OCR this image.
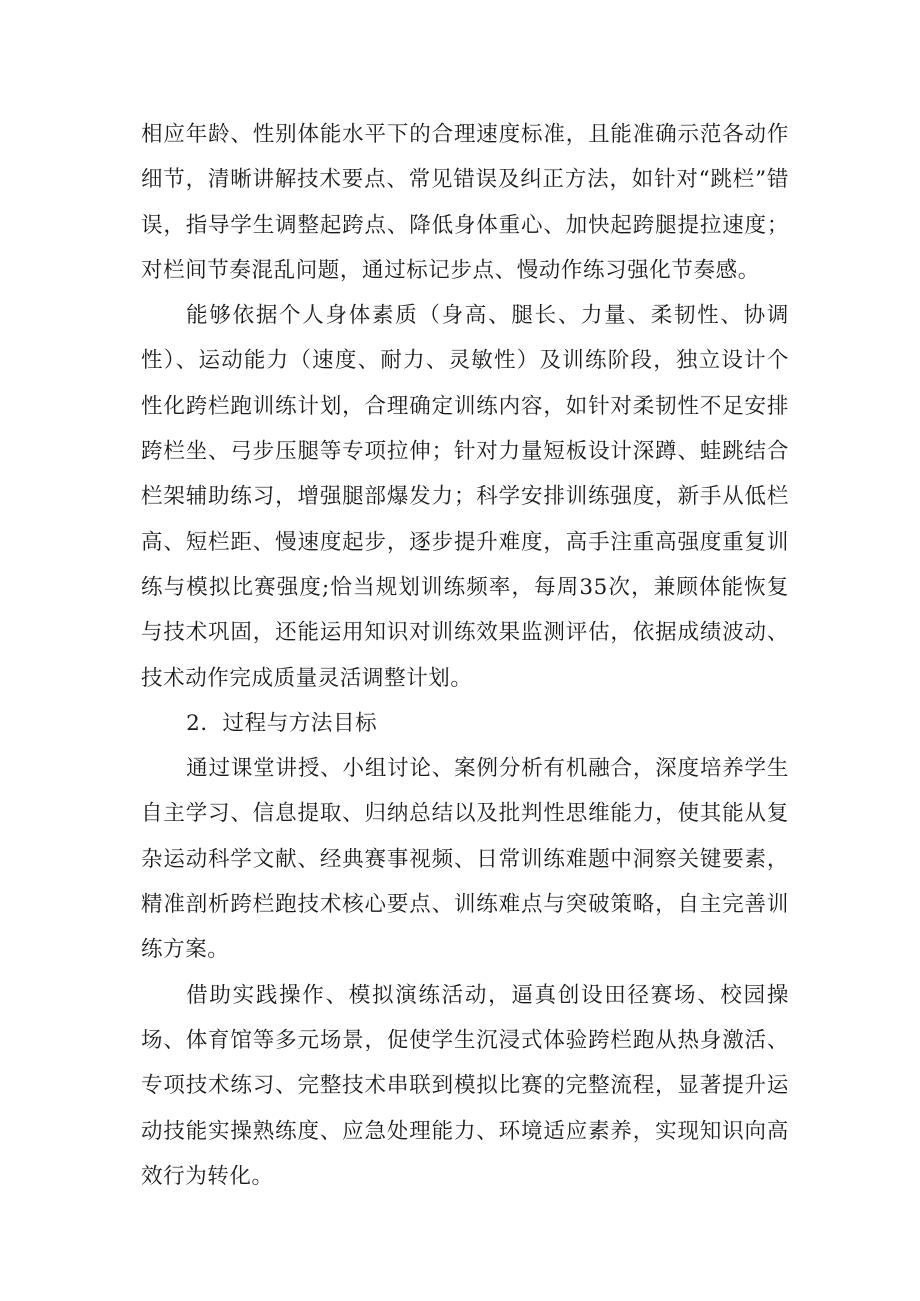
相应年龄、性别体能水平下的合理速度标准，且能准确示范各动作细节，清晰讲解技术要点、常见错误及纠正方法，如针对“跳栏”错误，指导学生调整起跨点、降低身体重心、加快起跨腿提拉速度；对栏间节奏混乱问题，通过标记步点、慢动作练习强化节奏感。

能够依据个人身体素质（身高、腿长、力量、柔韧性、协调性）、运动能力（速度、耐力、灵敏性）及训练阶段，独立设计个性化跨栏跑训练计划，合理确定训练内容，如针对柔韧性不足安排跨栏坐、弓步压腿等专项拉伸；针对力量短板设计深蹲、蛙跳结合栏架辅助练习，增强腿部爆发力；科学安排训练强度，新手从低栏高、短栏距、慢速度起步，逐步提升难度，高手注重高强度重复训练与模拟比赛强度;恰当规划训练频率，每周35次，兼顾体能恢复与技术巩固，还能运用知识对训练效果监测评估，依据成绩波动、技术动作完成质量灵活调整计划。

2．过程与方法目标

通过课堂讲授、小组讨论、案例分析有机融合，深度培养学生自主学习、信息提取、归纳总结以及批判性思维能力，使其能从复杂运动科学文献、经典赛事视频、日常训练难题中洞察关键要素，精准剖析跨栏跑技术核心要点、训练难点与突破策略，自主完善训练方案。

借助实践操作、模拟演练活动，逼真创设田径赛场、校园操场、体育馆等多元场景，促使学生沉浸式体验跨栏跑从热身激活、专项技术练习、完整技术串联到模拟比赛的完整流程，显著提升运动技能实操熟练度、应急处理能力、环境适应素养，实现知识向高效行为转化。
